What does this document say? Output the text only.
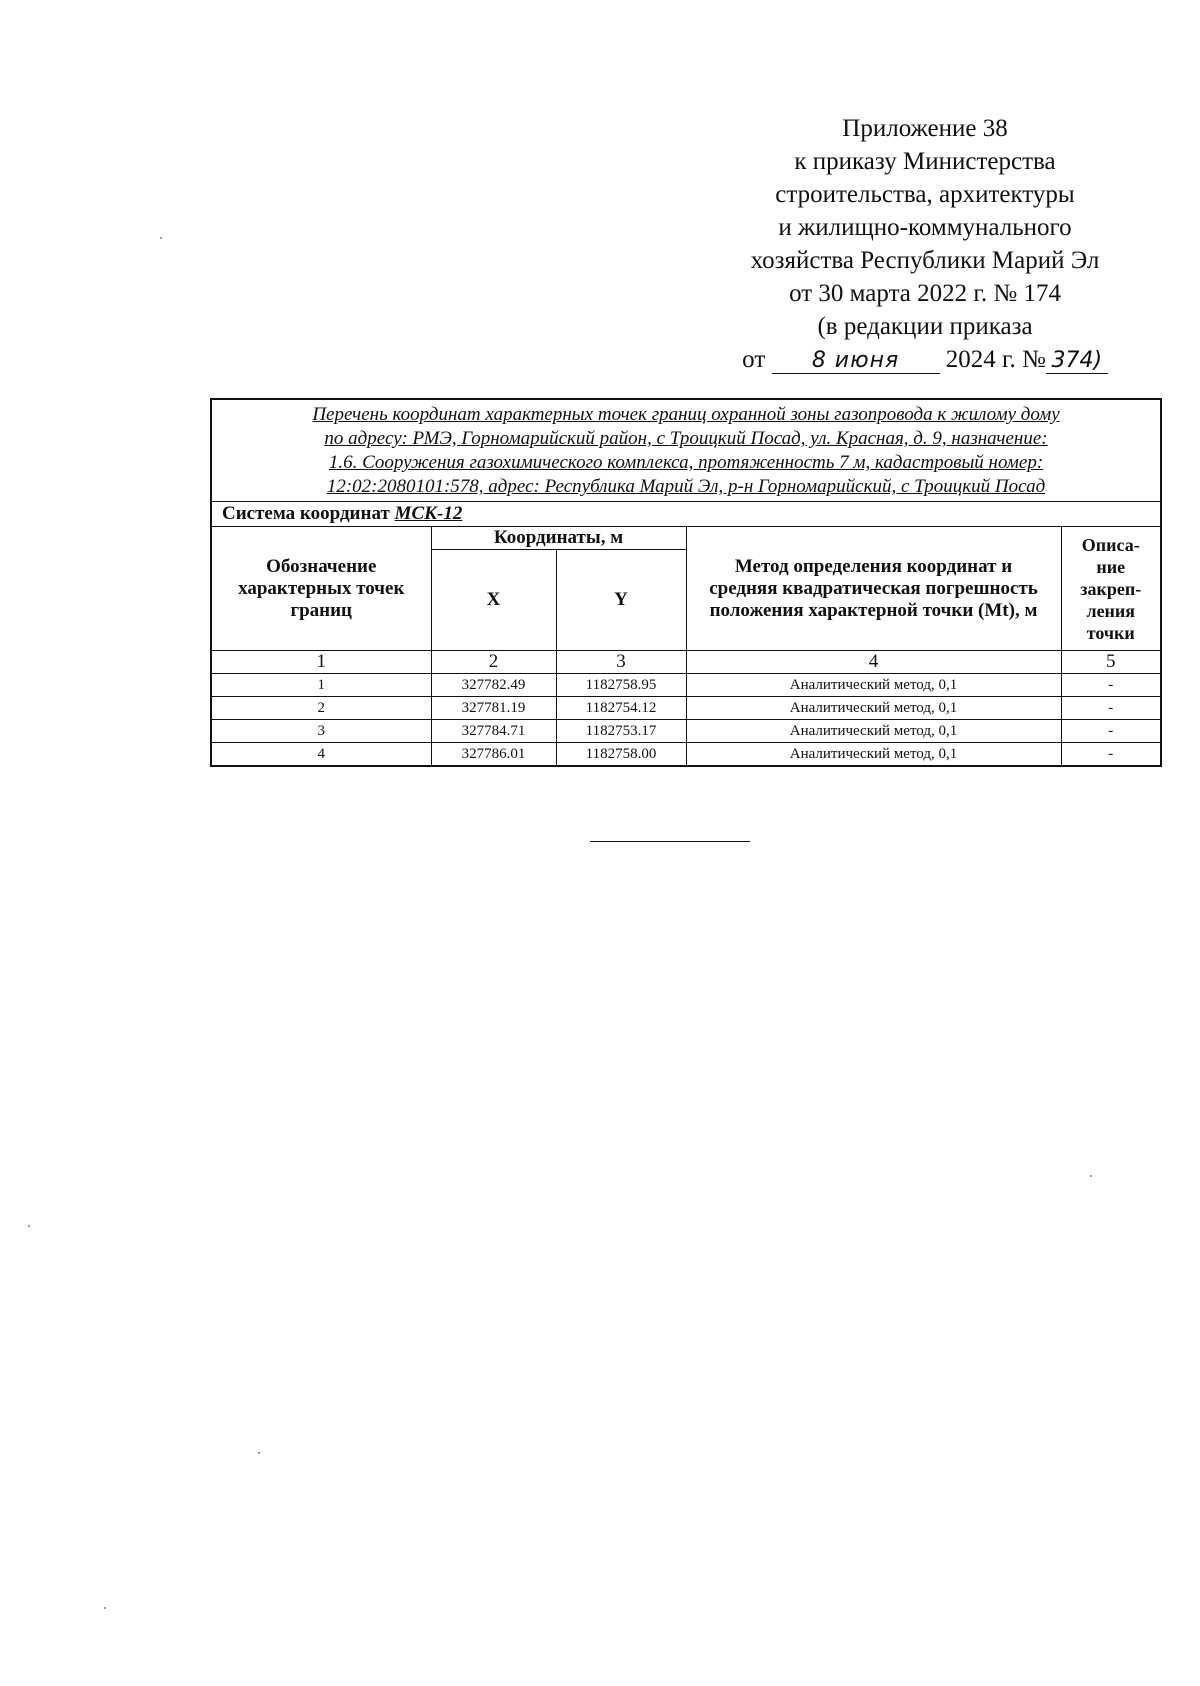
Приложение 38
к приказу Министерства
строительства, архитектуры
и жилищно-коммунального
хозяйства Республики Марий Эл
от 30 марта 2022 г. № 174
(в редакции приказа
от 8 июня 2024 г. № 374)
Перечень координат характерных точек границ охранной зоны газопровода к жилому дому
по адресу: РМЭ, Горномарийский район, с Троицкий Посад, ул. Красная, д. 9, назначение:
1.6. Сооружения газохимического комплекса, протяженность 7 м, кадастровый номер:
12:02:2080101:578, адрес: Республика Марий Эл, р-н Горномарийский, с Троицкий Посад				

Система координат МСК-12				
Обозначение характерных точек границ	Координаты, м		Метод определения координат и средняя квадратическая погрешность положения характерной точки (Mt), м	Описа-
ние
закреп-
ления
точки

	X	Y		
1	2	3	4	5
1	327782.49	1182758.95	Аналитический метод, 0,1	-
2	327781.19	1182754.12	Аналитический метод, 0,1	-
3	327784.71	1182753.17	Аналитический метод, 0,1	-
4	327786.01	1182758.00	Аналитический метод, 0,1	-
